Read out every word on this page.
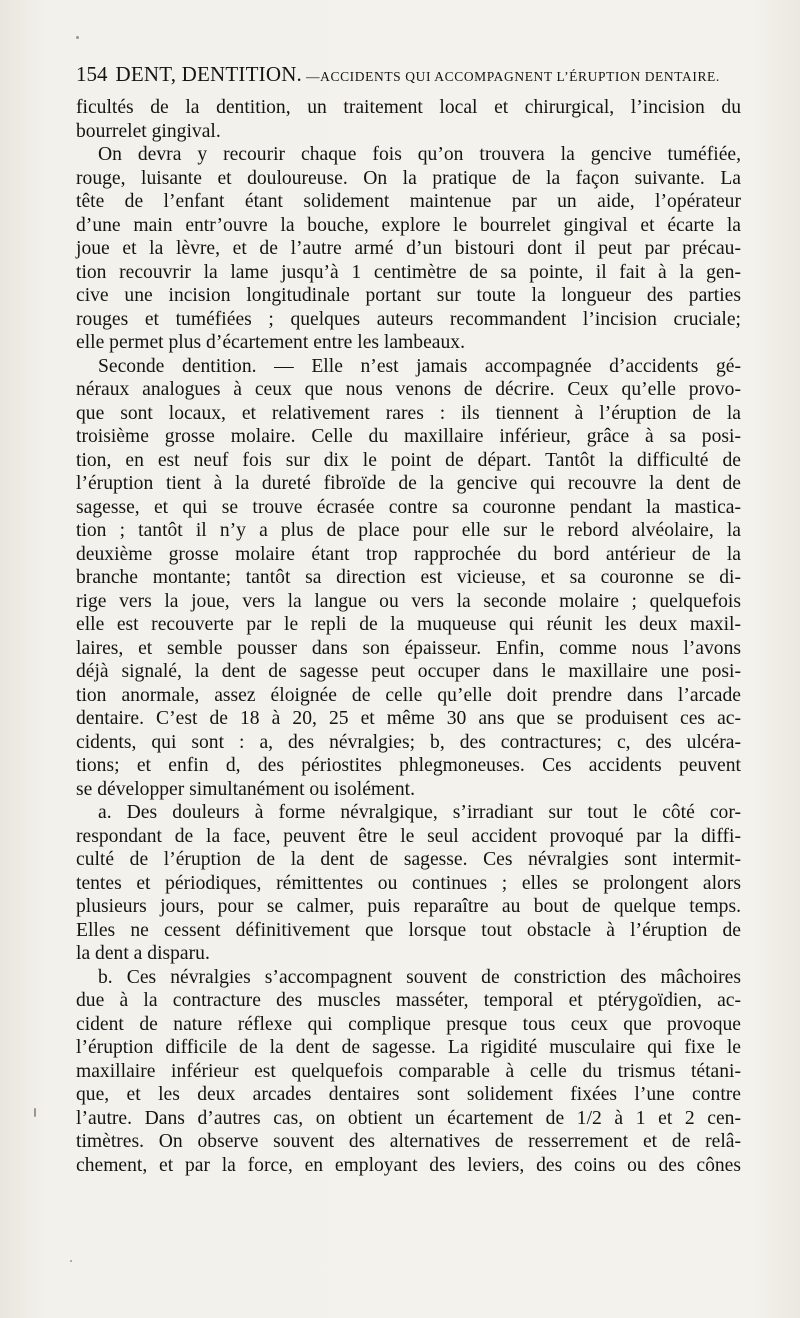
154 DENT, DENTITION. —ACCIDENTS QUI ACCOMPAGNENT L’ÉRUPTION DENTAIRE.
ficultés de la dentition, un traitement local et chirurgical, l’incision du
bourrelet gingival.
On devra y recourir chaque fois qu’on trouvera la gencive tuméfiée,
rouge, luisante et douloureuse. On la pratique de la façon suivante. La
tête de l’enfant étant solidement maintenue par un aide, l’opérateur
d’une main entr’ouvre la bouche, explore le bourrelet gingival et écarte la
joue et la lèvre, et de l’autre armé d’un bistouri dont il peut par précau-
tion recouvrir la lame jusqu’à 1 centimètre de sa pointe, il fait à la gen-
cive une incision longitudinale portant sur toute la longueur des parties
rouges et tuméfiées ; quelques auteurs recommandent l’incision cruciale;
elle permet plus d’écartement entre les lambeaux.
Seconde dentition. — Elle n’est jamais accompagnée d’accidents gé-
néraux analogues à ceux que nous venons de décrire. Ceux qu’elle provo-
que sont locaux, et relativement rares : ils tiennent à l’éruption de la
troisième grosse molaire. Celle du maxillaire inférieur, grâce à sa posi-
tion, en est neuf fois sur dix le point de départ. Tantôt la difficulté de
l’éruption tient à la dureté fibroïde de la gencive qui recouvre la dent de
sagesse, et qui se trouve écrasée contre sa couronne pendant la mastica-
tion ; tantôt il n’y a plus de place pour elle sur le rebord alvéolaire, la
deuxième grosse molaire étant trop rapprochée du bord antérieur de la
branche montante; tantôt sa direction est vicieuse, et sa couronne se di-
rige vers la joue, vers la langue ou vers la seconde molaire ; quelquefois
elle est recouverte par le repli de la muqueuse qui réunit les deux maxil-
laires, et semble pousser dans son épaisseur. Enfin, comme nous l’avons
déjà signalé, la dent de sagesse peut occuper dans le maxillaire une posi-
tion anormale, assez éloignée de celle qu’elle doit prendre dans l’arcade
dentaire. C’est de 18 à 20, 25 et même 30 ans que se produisent ces ac-
cidents, qui sont : a, des névralgies; b, des contractures; c, des ulcéra-
tions; et enfin d, des périostites phlegmoneuses. Ces accidents peuvent
se développer simultanément ou isolément.
a. Des douleurs à forme névralgique, s’irradiant sur tout le côté cor-
respondant de la face, peuvent être le seul accident provoqué par la diffi-
culté de l’éruption de la dent de sagesse. Ces névralgies sont intermit-
tentes et périodiques, rémittentes ou continues ; elles se prolongent alors
plusieurs jours, pour se calmer, puis reparaître au bout de quelque temps.
Elles ne cessent définitivement que lorsque tout obstacle à l’éruption de
la dent a disparu.
b. Ces névralgies s’accompagnent souvent de constriction des mâchoires
due à la contracture des muscles masséter, temporal et ptérygoïdien, ac-
cident de nature réflexe qui complique presque tous ceux que provoque
l’éruption difficile de la dent de sagesse. La rigidité musculaire qui fixe le
maxillaire inférieur est quelquefois comparable à celle du trismus tétani-
que, et les deux arcades dentaires sont solidement fixées l’une contre
l’autre. Dans d’autres cas, on obtient un écartement de 1/2 à 1 et 2 cen-
timètres. On observe souvent des alternatives de resserrement et de relâ-
chement, et par la force, en employant des leviers, des coins ou des cônes
